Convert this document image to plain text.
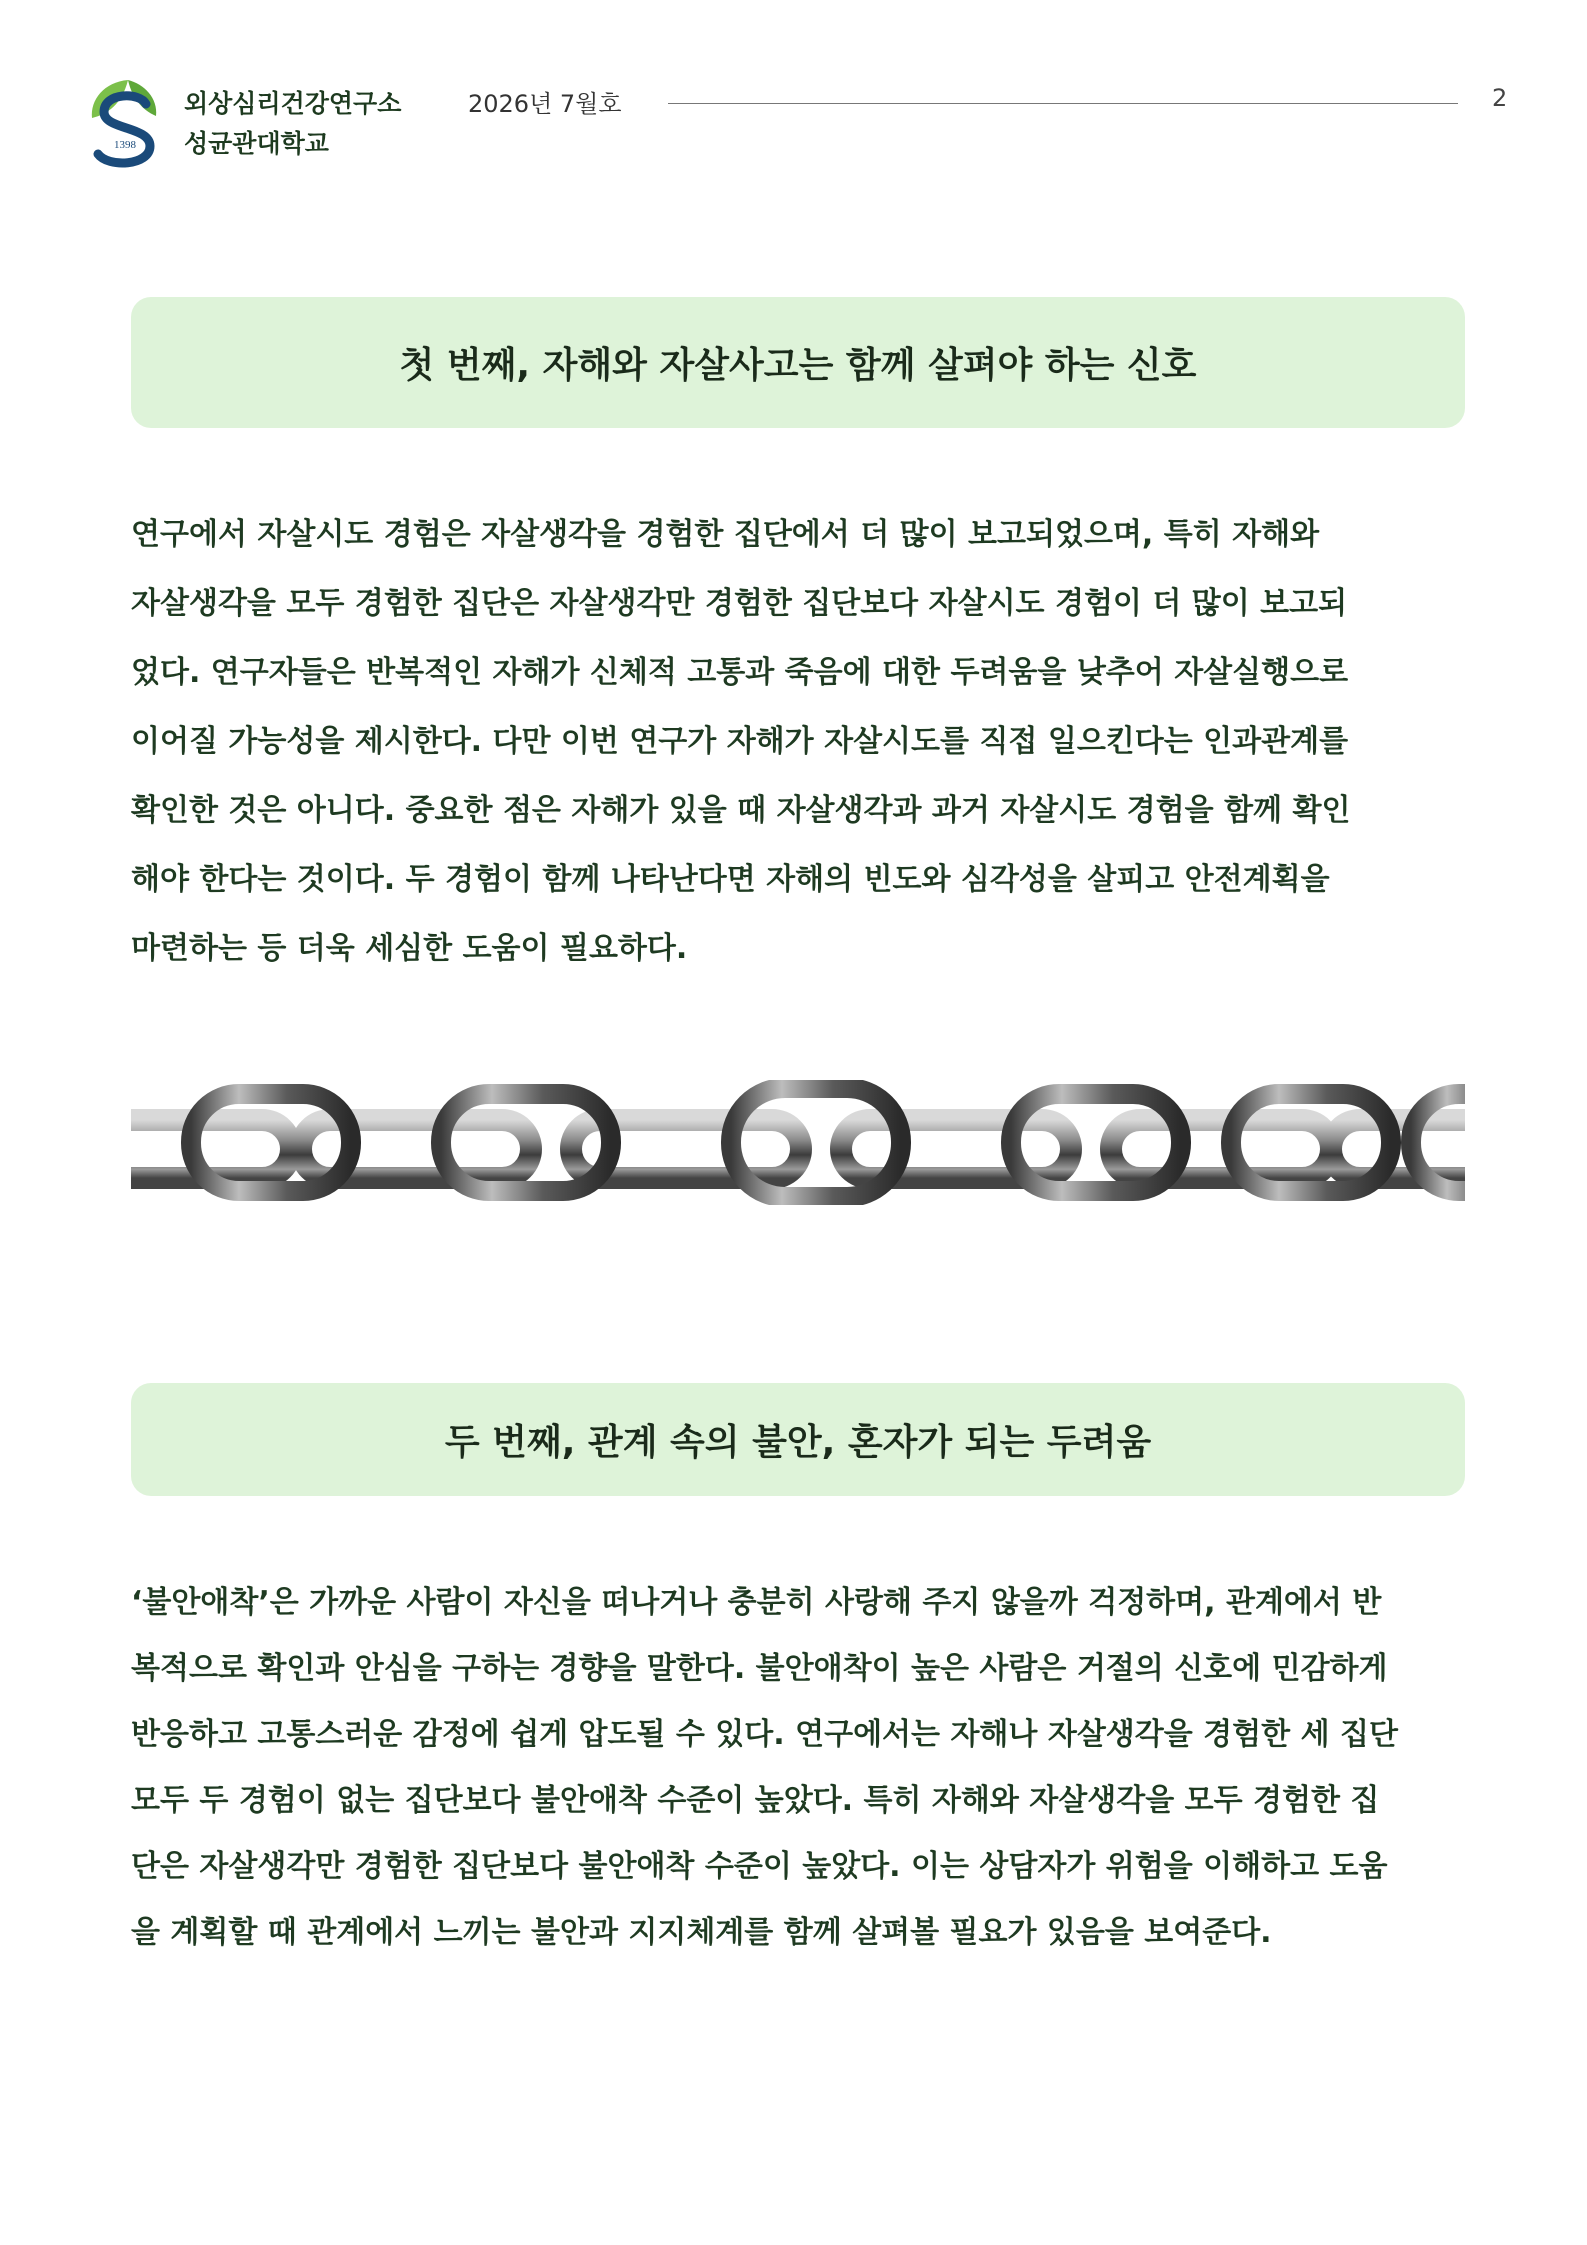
1398
외상심리건강연구소
성균관대학교
2026년 7월호	2
첫 번째, 자해와 자살사고는 함께 살펴야 하는 신호
연구에서 자살시도 경험은 자살생각을 경험한 집단에서 더 많이 보고되었으며, 특히 자해와
자살생각을 모두 경험한 집단은 자살생각만 경험한 집단보다 자살시도 경험이 더 많이 보고되
었다. 연구자들은 반복적인 자해가 신체적 고통과 죽음에 대한 두려움을 낮추어 자살실행으로
이어질 가능성을 제시한다. 다만 이번 연구가 자해가 자살시도를 직접 일으킨다는 인과관계를
확인한 것은 아니다. 중요한 점은 자해가 있을 때 자살생각과 과거 자살시도 경험을 함께 확인
해야 한다는 것이다. 두 경험이 함께 나타난다면 자해의 빈도와 심각성을 살피고 안전계획을
마련하는 등 더욱 세심한 도움이 필요하다.
두 번째, 관계 속의 불안, 혼자가 되는 두려움
‘불안애착’은 가까운 사람이 자신을 떠나거나 충분히 사랑해 주지 않을까 걱정하며, 관계에서 반
복적으로 확인과 안심을 구하는 경향을 말한다. 불안애착이 높은 사람은 거절의 신호에 민감하게
반응하고 고통스러운 감정에 쉽게 압도될 수 있다. 연구에서는 자해나 자살생각을 경험한 세 집단
모두 두 경험이 없는 집단보다 불안애착 수준이 높았다. 특히 자해와 자살생각을 모두 경험한 집
단은 자살생각만 경험한 집단보다 불안애착 수준이 높았다. 이는 상담자가 위험을 이해하고 도움
을 계획할 때 관계에서 느끼는 불안과 지지체계를 함께 살펴볼 필요가 있음을 보여준다.
